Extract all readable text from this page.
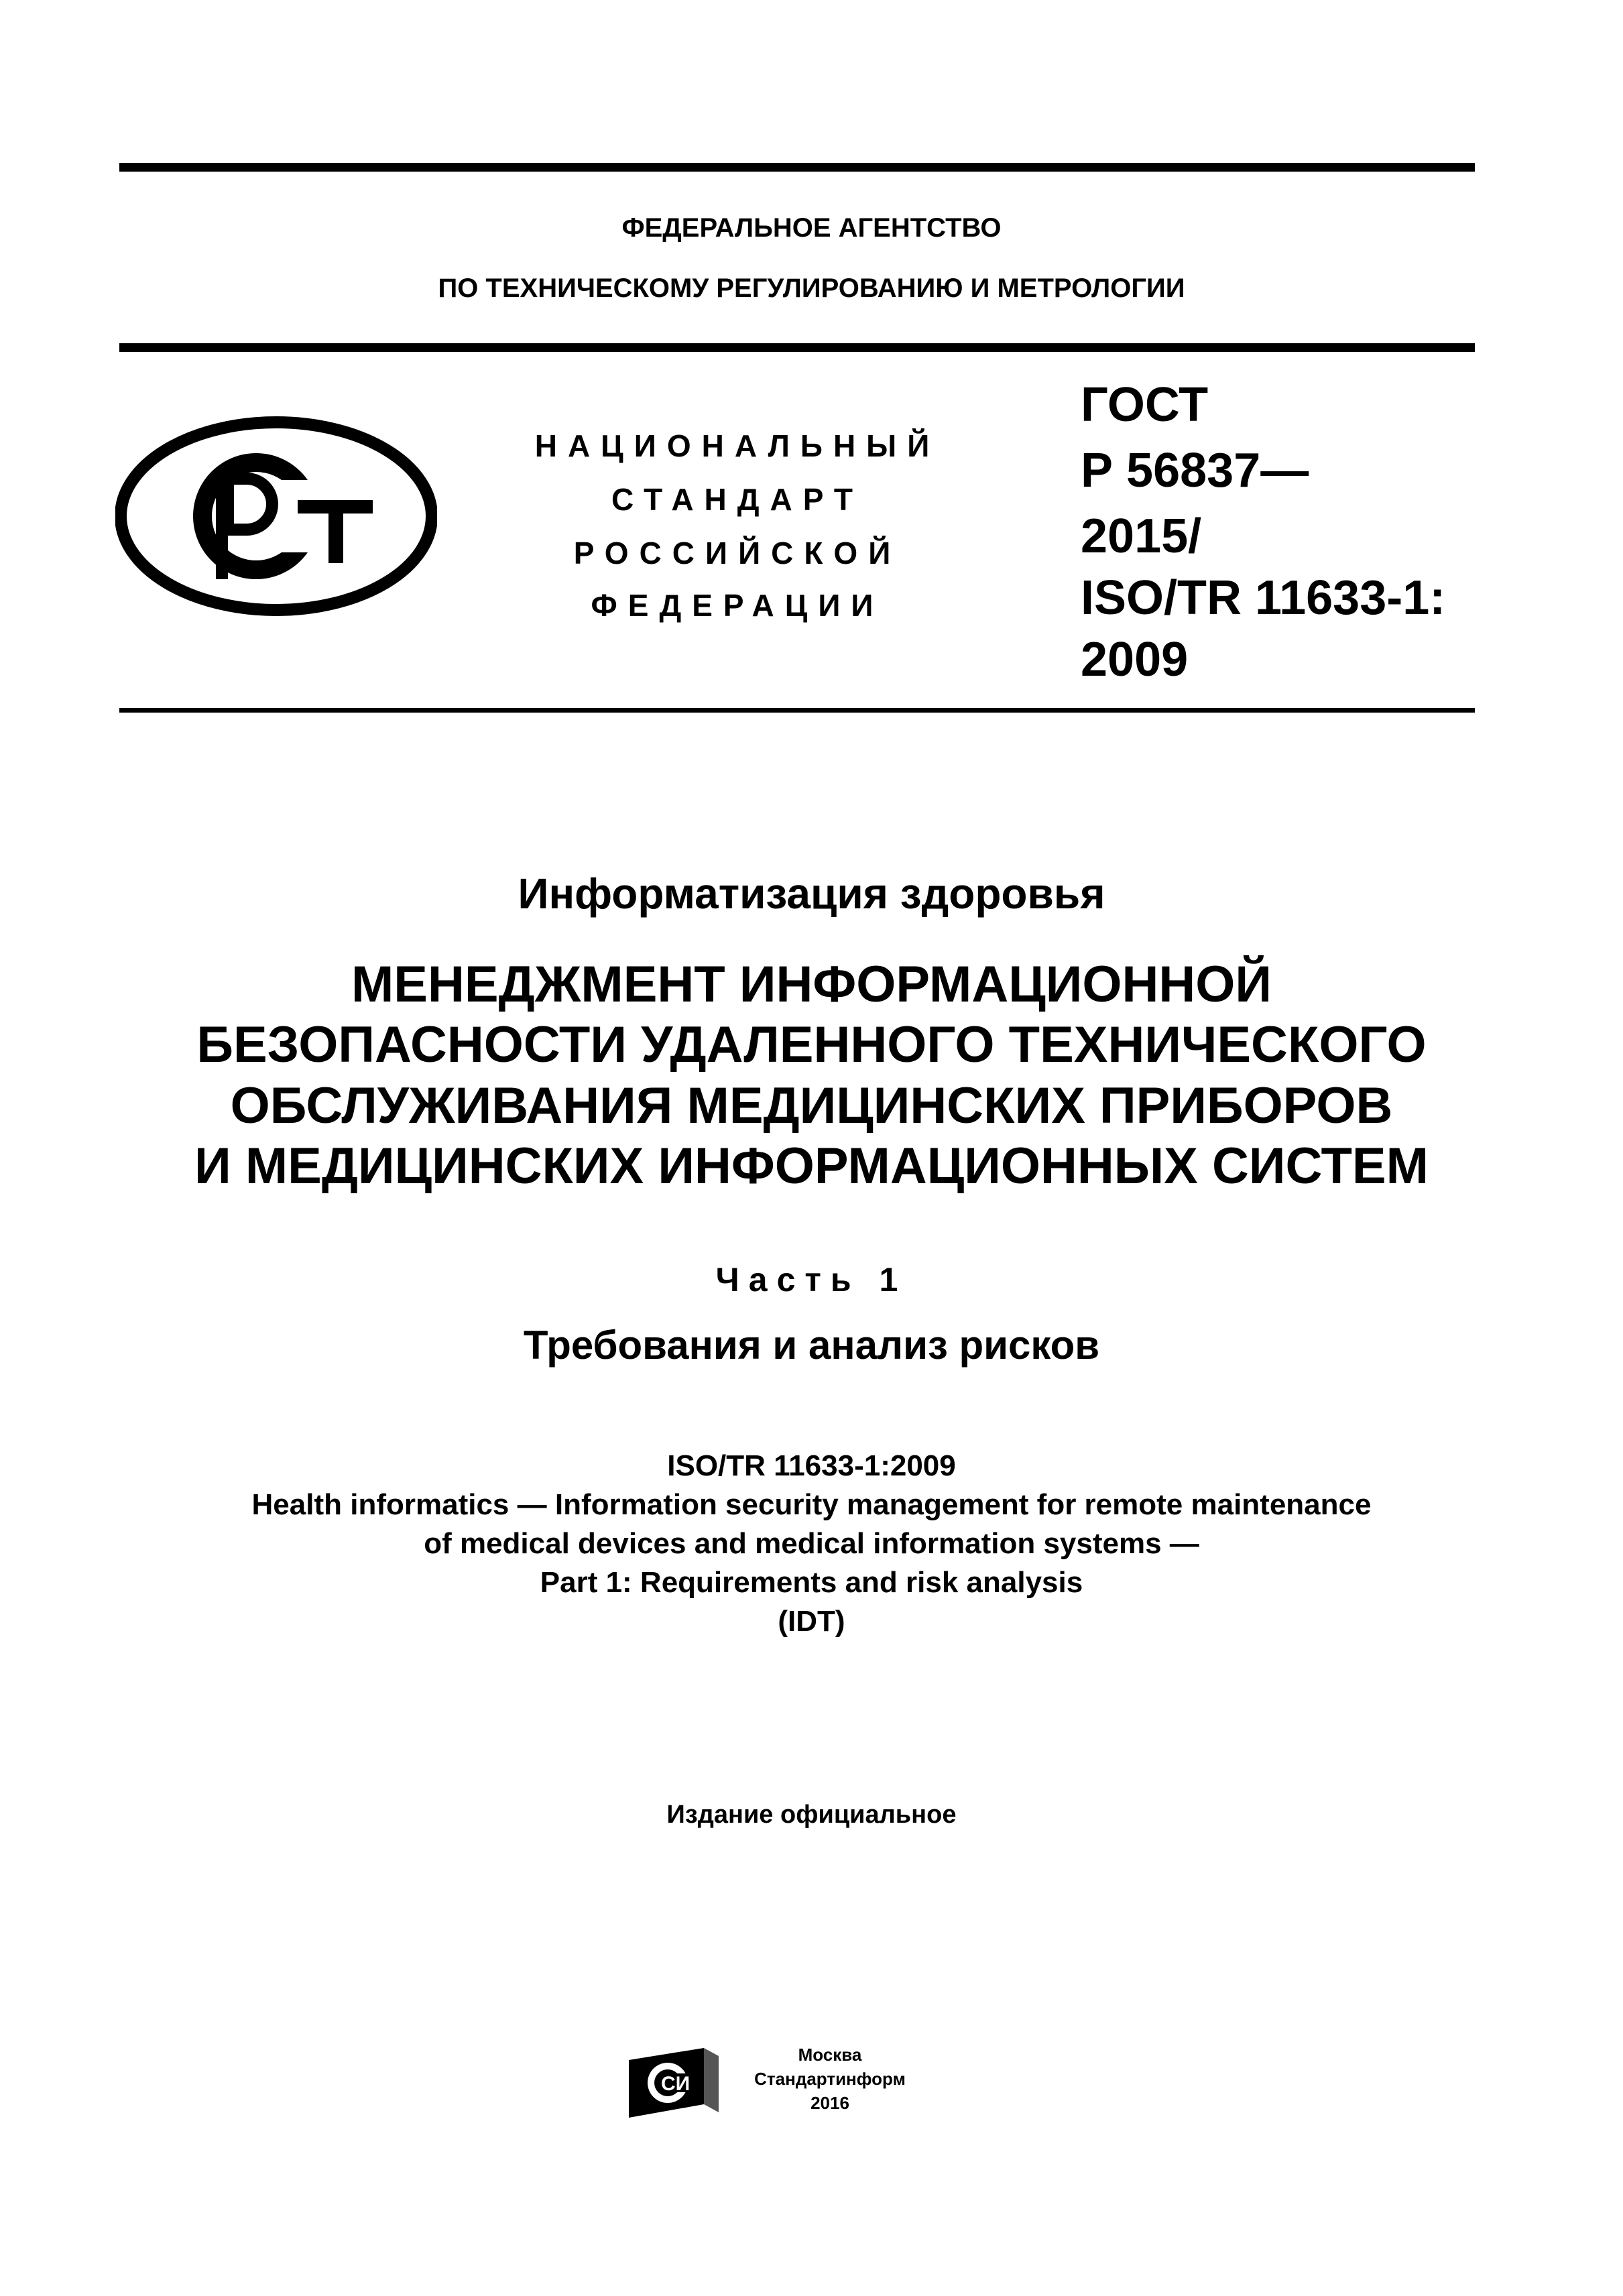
ФЕДЕРАЛЬНОЕ АГЕНТСТВО
ПО ТЕХНИЧЕСКОМУ РЕГУЛИРОВАНИЮ И МЕТРОЛОГИИ
НАЦИОНАЛЬНЫЙ
СТАНДАРТ
РОССИЙСКОЙ
ФЕДЕРАЦИИ
ГОСТ
Р 56837—
2015/
ISO/TR 11633-1:
2009
Информатизация здоровья
МЕНЕДЖМЕНТ ИНФОРМАЦИОННОЙ
БЕЗОПАСНОСТИ УДАЛЕННОГО ТЕХНИЧЕСКОГО
ОБСЛУЖИВАНИЯ МЕДИЦИНСКИХ ПРИБОРОВ
И МЕДИЦИНСКИХ ИНФОРМАЦИОННЫХ СИСТЕМ
Часть 1
Требования и анализ рисков
ISO/TR 11633-1:2009
Health informatics — Information security management for remote maintenance
of medical devices and medical information systems —
Part 1: Requirements and risk analysis
(IDT)
Издание официальное
СИ
Москва
Стандартинформ
2016
